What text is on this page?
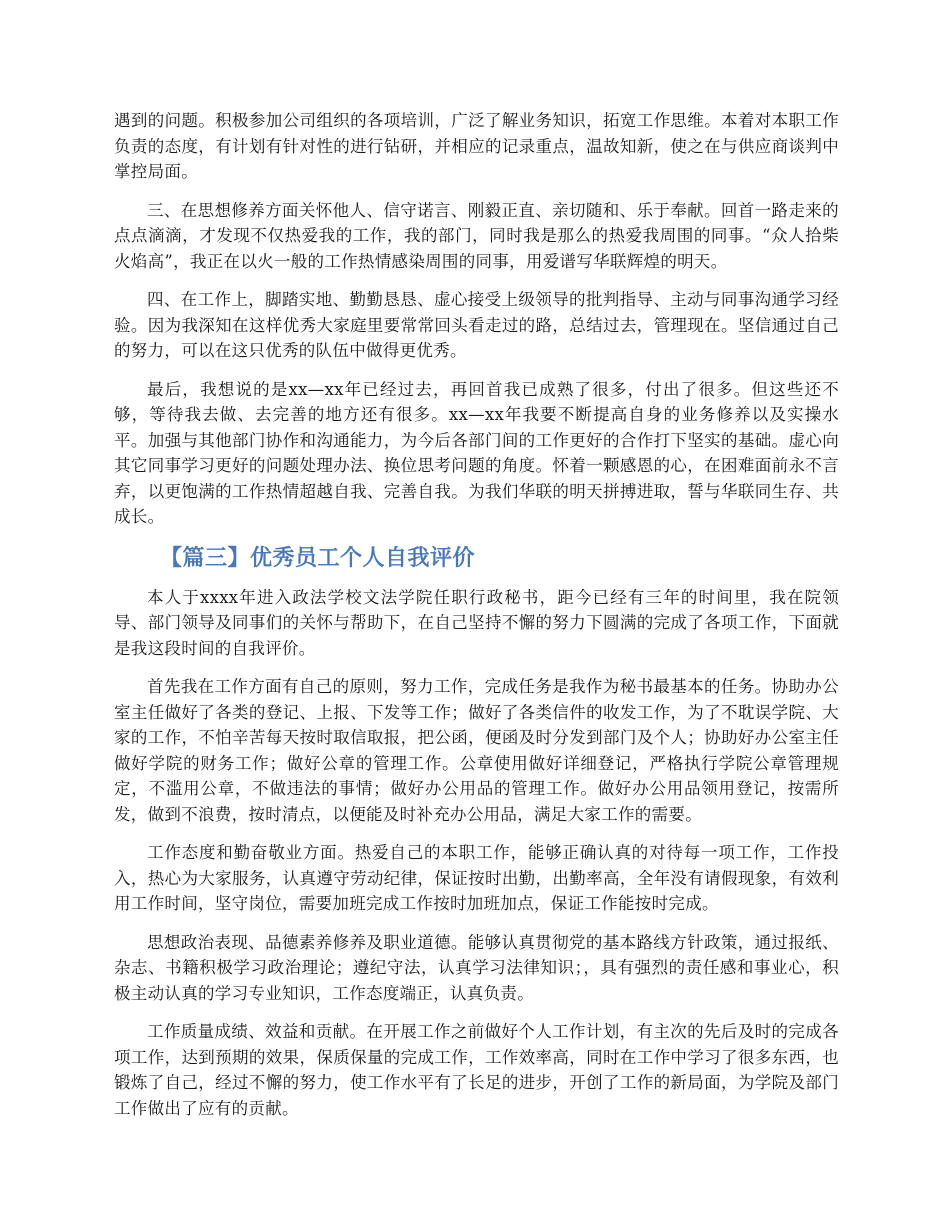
遇到的问题。积极参加公司组织的各项培训，广泛了解业务知识，拓宽工作思维。本着对本职工作负责的态度，有计划有针对性的进行钻研，并相应的记录重点，温故知新，使之在与供应商谈判中掌控局面。

三、在思想修养方面关怀他人、信守诺言、刚毅正直、亲切随和、乐于奉献。回首一路走来的点点滴滴，才发现不仅热爱我的工作，我的部门，同时我是那么的热爱我周围的同事。“众人拾柴火焰高”，我正在以火一般的工作热情感染周围的同事，用爱谱写华联辉煌的明天。

四、在工作上，脚踏实地、勤勤恳恳、虚心接受上级领导的批判指导、主动与同事沟通学习经验。因为我深知在这样优秀大家庭里要常常回头看走过的路，总结过去，管理现在。坚信通过自己的努力，可以在这只优秀的队伍中做得更优秀。

最后，我想说的是xx—xx年已经过去，再回首我已成熟了很多，付出了很多。但这些还不够，等待我去做、去完善的地方还有很多。xx—xx年我要不断提高自身的业务修养以及实操水平。加强与其他部门协作和沟通能力，为今后各部门间的工作更好的合作打下坚实的基础。虚心向其它同事学习更好的问题处理办法、换位思考问题的角度。怀着一颗感恩的心，在困难面前永不言弃，以更饱满的工作热情超越自我、完善自我。为我们华联的明天拼搏进取，誓与华联同生存、共成长。

【篇三】优秀员工个人自我评价

本人于xxxx年进入政法学校文法学院任职行政秘书，距今已经有三年的时间里，我在院领导、部门领导及同事们的关怀与帮助下，在自己坚持不懈的努力下圆满的完成了各项工作，下面就是我这段时间的自我评价。

首先我在工作方面有自己的原则，努力工作，完成任务是我作为秘书最基本的任务。协助办公室主任做好了各类的登记、上报、下发等工作；做好了各类信件的收发工作，为了不耽误学院、大家的工作，不怕辛苦每天按时取信取报，把公函，便函及时分发到部门及个人；协助好办公室主任做好学院的财务工作；做好公章的管理工作。公章使用做好详细登记，严格执行学院公章管理规定，不滥用公章，不做违法的事情；做好办公用品的管理工作。做好办公用品领用登记，按需所发，做到不浪费，按时清点，以便能及时补充办公用品，满足大家工作的需要。

工作态度和勤奋敬业方面。热爱自己的本职工作，能够正确认真的对待每一项工作，工作投入，热心为大家服务，认真遵守劳动纪律，保证按时出勤，出勤率高，全年没有请假现象，有效利用工作时间，坚守岗位，需要加班完成工作按时加班加点，保证工作能按时完成。

思想政治表现、品德素养修养及职业道德。能够认真贯彻党的基本路线方针政策，通过报纸、杂志、书籍积极学习政治理论；遵纪守法，认真学习法律知识；，具有强烈的责任感和事业心，积极主动认真的学习专业知识，工作态度端正，认真负责。

工作质量成绩、效益和贡献。在开展工作之前做好个人工作计划，有主次的先后及时的完成各项工作，达到预期的效果，保质保量的完成工作，工作效率高，同时在工作中学习了很多东西，也锻炼了自己，经过不懈的努力，使工作水平有了长足的进步，开创了工作的新局面，为学院及部门工作做出了应有的贡献。
